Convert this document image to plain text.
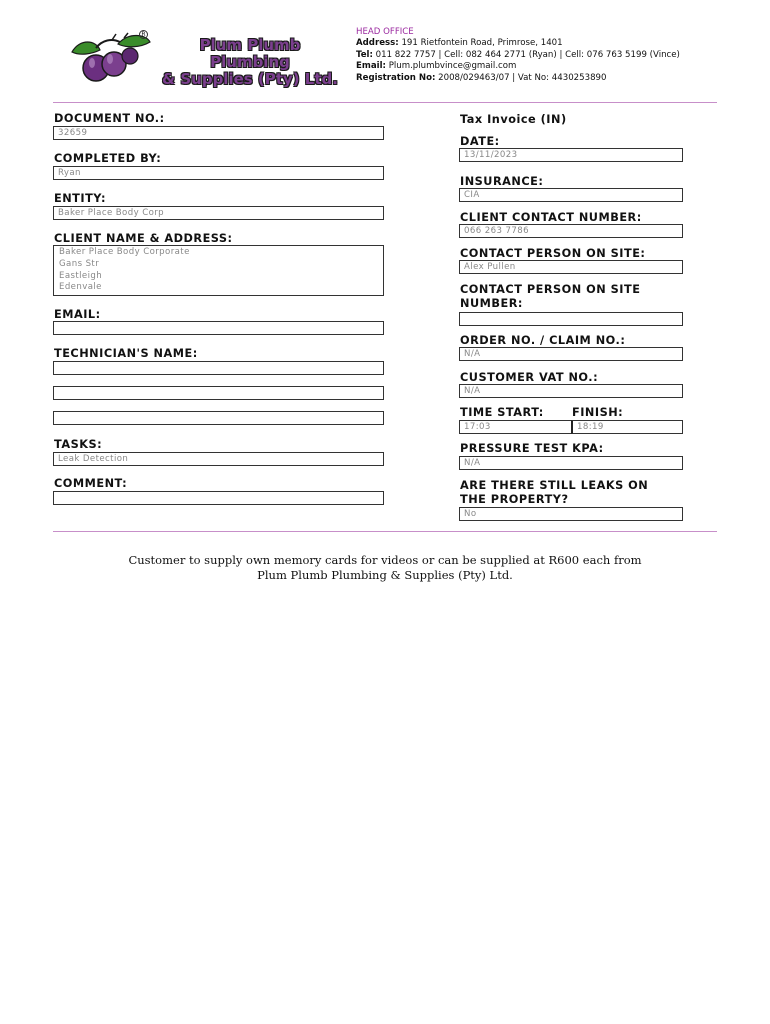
R
Plum Plumb Plumbing
& Supplies (Pty) Ltd.
HEAD OFFICE
Address: 191 Rietfontein Road, Primrose, 1401
Tel: 011 822 7757 | Cell: 082 464 2771 (Ryan) | Cell: 076 763 5199 (Vince)
Email: Plum.plumbvince@gmail.com
Registration No: 2008/029463/07 | Vat No: 4430253890
DOCUMENT NO.:
32659
COMPLETED BY:
Ryan
ENTITY:
Baker Place Body Corp
CLIENT NAME & ADDRESS:
Baker Place Body Corporate
Gans Str
Eastleigh
Edenvale
EMAIL:
TECHNICIAN'S NAME:
TASKS:
Leak Detection
COMMENT:
Tax Invoice (IN)
DATE:
13/11/2023
INSURANCE:
CIA
CLIENT CONTACT NUMBER:
066 263 7786
CONTACT PERSON ON SITE:
Alex Pullen
CONTACT PERSON ON SITE NUMBER:
ORDER NO. / CLAIM NO.:
N/A
CUSTOMER VAT NO.:
N/A
TIME START: FINISH:
17:03	18:19
PRESSURE TEST KPA:
N/A
ARE THERE STILL LEAKS ON THE PROPERTY?
No
Customer to supply own memory cards for videos or can be supplied at R600 each from
Plum Plumb Plumbing & Supplies (Pty) Ltd.
